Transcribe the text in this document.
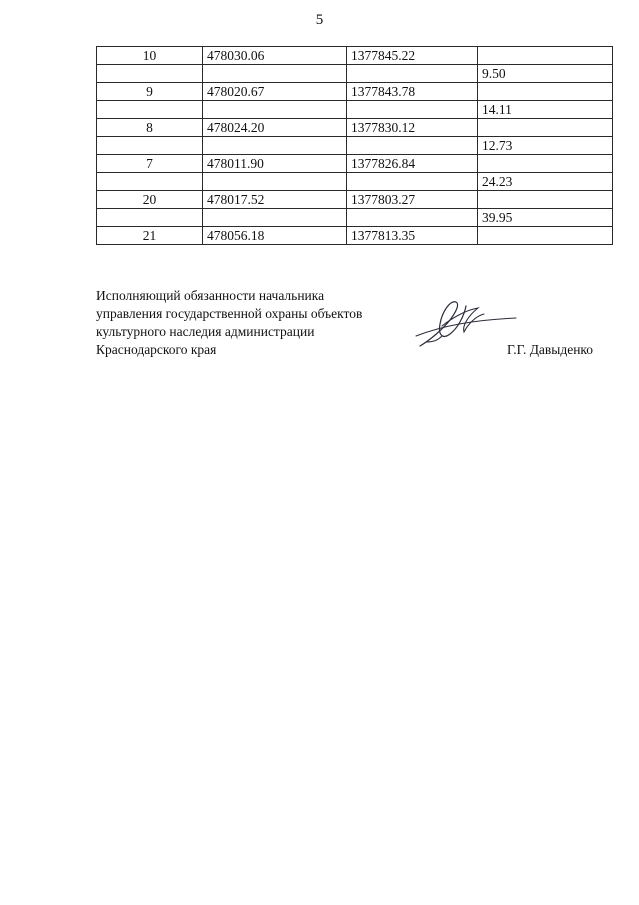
5
10	478030.06	1377845.22	
			9.50
9	478020.67	1377843.78	
			14.11
8	478024.20	1377830.12	
			12.73
7	478011.90	1377826.84	
			24.23
20	478017.52	1377803.27	
			39.95
21	478056.18	1377813.35	
Исполняющий обязанности начальника
управления государственной охраны объектов
культурного наследия администрации
Краснодарского края	Г.Г. Давыденко
